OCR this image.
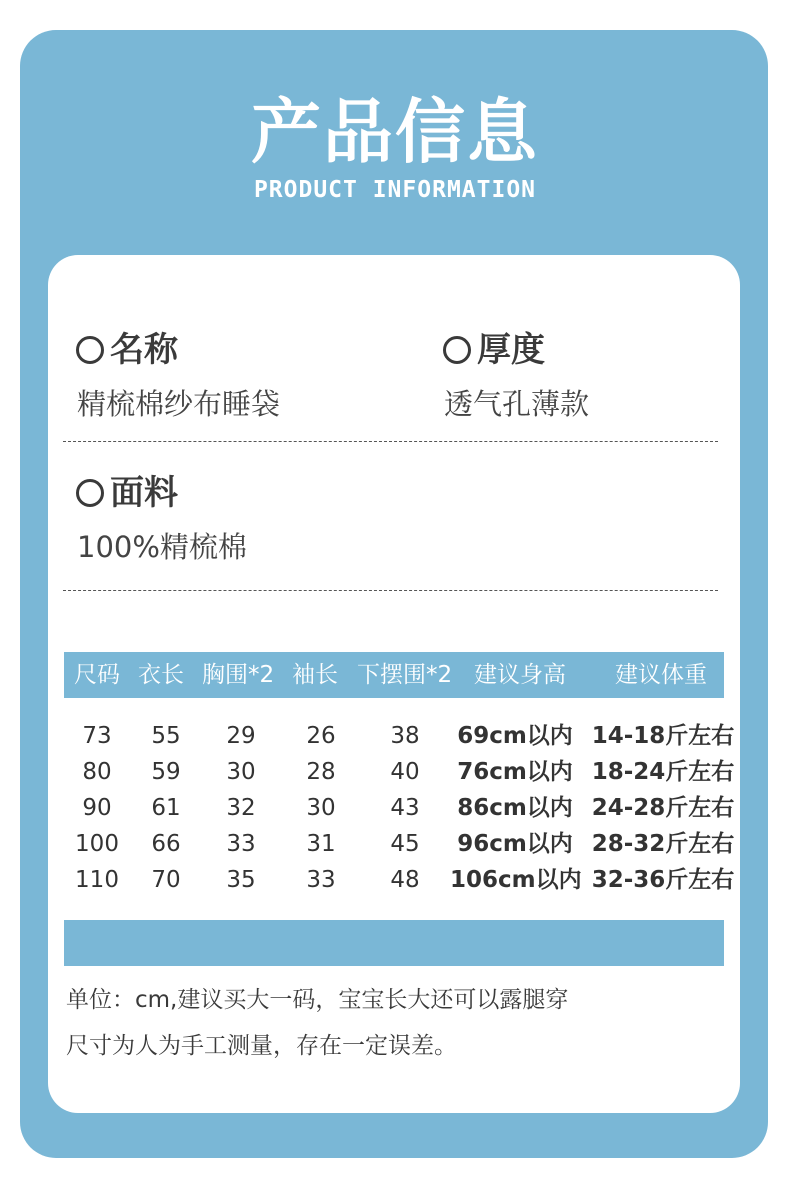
产品信息
PRODUCT INFORMATION
名称
精梳棉纱布睡袋
厚度
透气孔薄款
面料
100%精梳棉
尺码 衣长 胸围*2 袖长 下摆围*2 建议身高 建议体重
73	55	29	26	38	69cm以内 14-18斤左右
80	59	30	28	40	76cm以内 18-24斤左右
90	61	32	30	43	86cm以内 24-28斤左右
100	66	33	31	45	96cm以内 28-32斤左右
110	70	35	33	48	106cm以内 32-36斤左右
单位：cm,建议买大一码，宝宝长大还可以露腿穿
尺寸为人为手工测量，存在一定误差。
